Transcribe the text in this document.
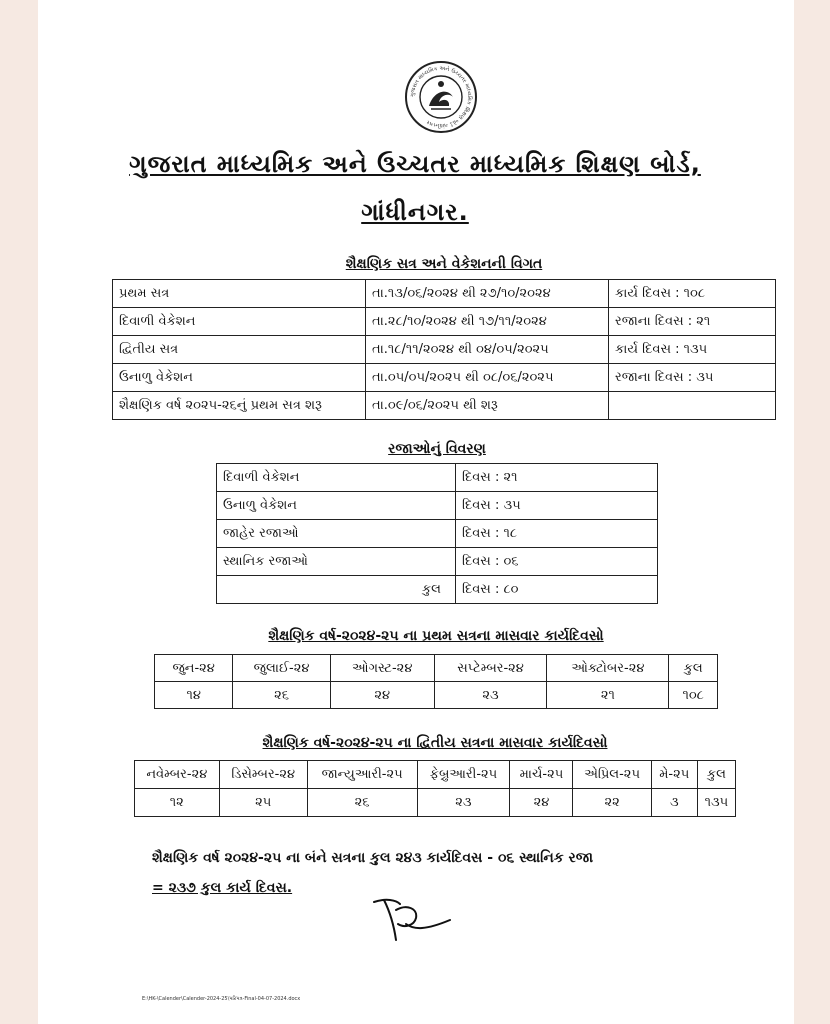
ગુજરાત માધ્યમિક અને ઉચ્ચતર માધ્યમિક શિક્ષણ બોર્ડ ગાંધીનગર
ગુજરાત માધ્યમિક અને ઉચ્ચતર માધ્યમિક શિક્ષણ બોર્ડ,
ગાંધીનગર.
શૈક્ષણિક સત્ર અને વેકેશનની વિગત
પ્રથમ સત્ર	તા.૧૩/૦૬/૨૦૨૪ થી ૨૭/૧૦/૨૦૨૪	કાર્ય દિવસ : ૧૦૮
દિવાળી વેકેશન	તા.૨૮/૧૦/૨૦૨૪ થી ૧૭/૧૧/૨૦૨૪	રજાના દિવસ : ૨૧
દ્વિતીય સત્ર	તા.૧૮/૧૧/૨૦૨૪ થી ૦૪/૦૫/૨૦૨૫	કાર્ય દિવસ : ૧૩૫
ઉનાળુ વેકેશન	તા.૦૫/૦૫/૨૦૨૫ થી ૦૮/૦૬/૨૦૨૫	રજાના દિવસ : ૩૫
શૈક્ષણિક વર્ષ ૨૦૨૫-૨૬નું પ્રથમ સત્ર શરૂ	તા.૦૯/૦૬/૨૦૨૫ થી શરૂ	
રજાઓનું વિવરણ
દિવાળી વેકેશન	દિવસ : ૨૧
ઉનાળુ વેકેશન	દિવસ : ૩૫
જાહેર રજાઓ	દિવસ : ૧૮
સ્થાનિક રજાઓ	દિવસ : ૦૬
કુલ	દિવસ : ૮૦
શૈક્ષણિક વર્ષ-૨૦૨૪-૨૫ ના પ્રથમ સત્રના માસવાર કાર્યદિવસો
જુન-૨૪	જુલાઈ-૨૪	ઓગસ્ટ-૨૪	સપ્ટેમ્બર-૨૪	ઓક્ટોબર-૨૪	કુલ
૧૪	૨૬	૨૪	૨૩	૨૧	૧૦૮
શૈક્ષણિક વર્ષ-૨૦૨૪-૨૫ ના દ્વિતીય સત્રના માસવાર કાર્યદિવસો
નવેમ્બર-૨૪	ડિસેમ્બર-૨૪	જાન્યુઆરી-૨૫	ફેબ્રુઆરી-૨૫	માર્ચ-૨૫	એપ્રિલ-૨૫	મે-૨૫	કુલ
૧૨	૨૫	૨૬	૨૩	૨૪	૨૨	૩	૧૩૫
શૈક્ષણિક વર્ષ ૨૦૨૪-૨૫ ના બંને સત્રના કુલ ૨૪૩ કાર્યદિવસ - ૦૬ સ્થાનિક રજા
= ૨૩૭ કુલ કાર્ય દિવસ.
E:\HK-\Calender\Calender-2024-25\પરિપત્ર-Final-04-07-2024.docx
